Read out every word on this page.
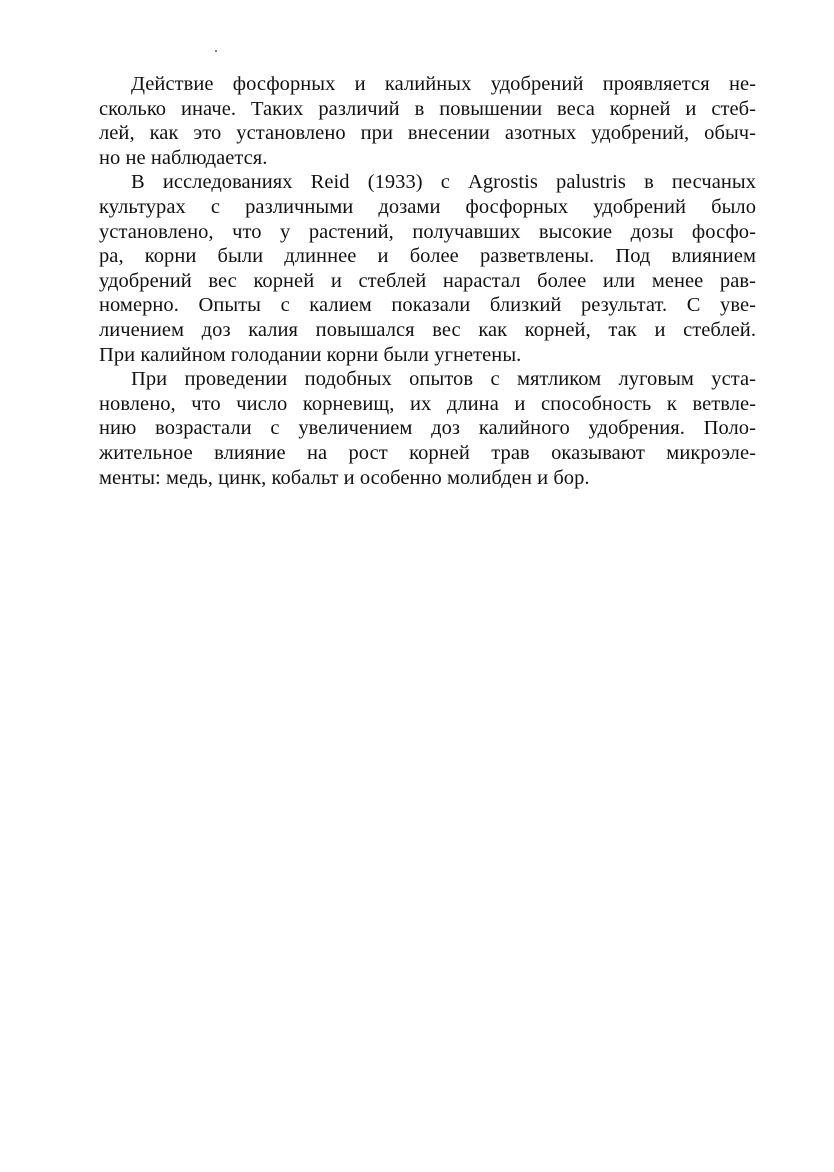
Действие фосфорных и калийных удобрений проявляется не-
сколько иначе. Таких различий в повышении веса корней и стеб-
лей, как это установлено при внесении азотных удобрений, обыч-
но не наблюдается.
В исследованиях Reid (1933) с Agrostis palustris в песчаных
культурах с различными дозами фосфорных удобрений было
установлено, что у растений, получавших высокие дозы фосфо-
ра, корни были длиннее и более разветвлены. Под влиянием
удобрений вес корней и стеблей нарастал более или менее рав-
номерно. Опыты с калием показали близкий результат. С уве-
личением доз калия повышался вес как корней, так и стеблей.
При калийном голодании корни были угнетены.
При проведении подобных опытов с мятликом луговым уста-
новлено, что число корневищ, их длина и способность к ветвле-
нию возрастали с увеличением доз калийного удобрения. Поло-
жительное влияние на рост корней трав оказывают микроэле-
менты: медь, цинк, кобальт и особенно молибден и бор.
